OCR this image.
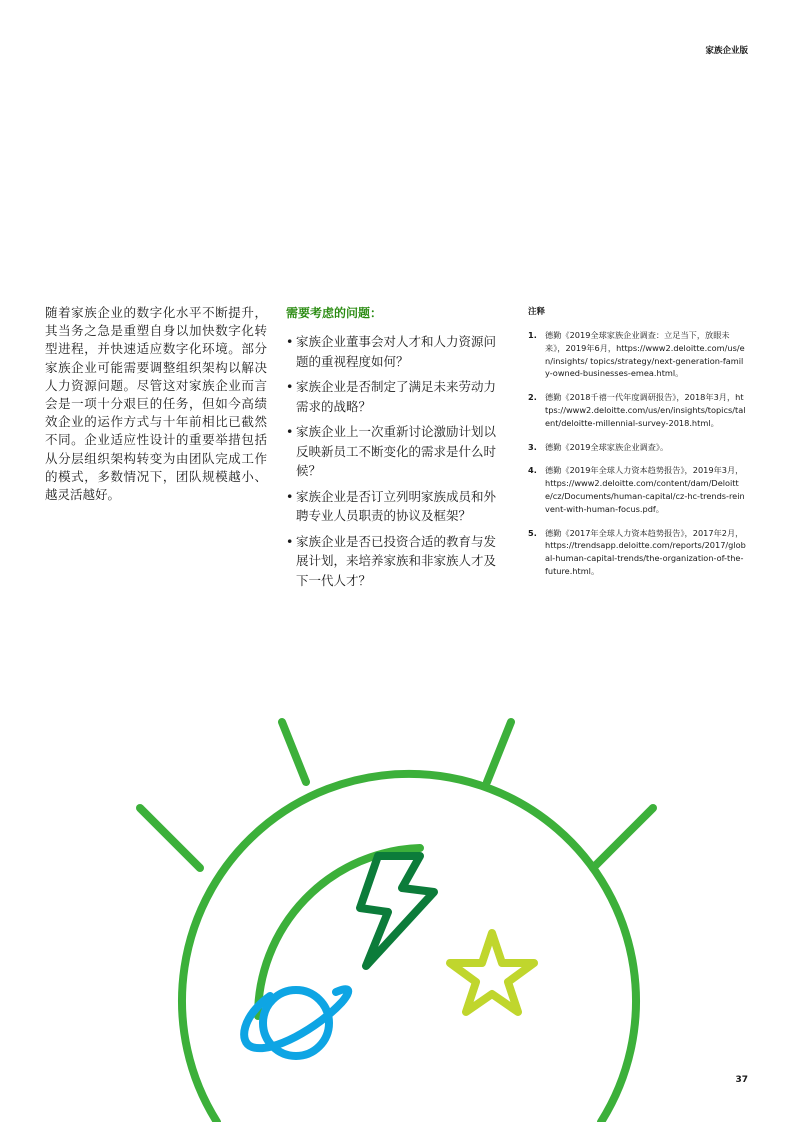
家族企业版
随着家族企业的数字化水平不断提升，其当务之急是重塑自身以加快数字化转型进程，并快速适应数字化环境。部分家族企业可能需要调整组织架构以解决人力资源问题。尽管这对家族企业而言会是一项十分艰巨的任务，但如今高绩效企业的运作方式与十年前相比已截然不同。企业适应性设计的重要举措包括从分层组织架构转变为由团队完成工作的模式，多数情况下，团队规模越小、越灵活越好。
需要考虑的问题：
• 家族企业董事会对人才和人力资源问题的重视程度如何？
• 家族企业是否制定了满足未来劳动力需求的战略？
• 家族企业上一次重新讨论激励计划以反映新员工不断变化的需求是什么时候？
• 家族企业是否订立列明家族成员和外聘专业人员职责的协议及框架？
• 家族企业是否已投资合适的教育与发展计划，来培养家族和非家族人才及下一代人才？
注释
1. 德勤《2019全球家族企业调查：立足当下，放眼未来》，2019年6月，https://www2.deloitte.com/us/en/insights/ topics/strategy/next-generation-family-owned-businesses-emea.html。
2. 德勤《2018千禧一代年度调研报告》，2018年3月，https://www2.deloitte.com/us/en/insights/topics/talent/deloitte-millennial-survey-2018.html。
3. 德勤《2019全球家族企业调查》。
4. 德勤《2019年全球人力资本趋势报告》，2019年3月，https://www2.deloitte.com/content/dam/Deloitte/cz/Documents/human-capital/cz-hc-trends-reinvent-with-human-focus.pdf。
5. 德勤《2017年全球人力资本趋势报告》，2017年2月，https://trendsapp.deloitte.com/reports/2017/global-human-capital-trends/the-organization-of-the-future.html。
37
